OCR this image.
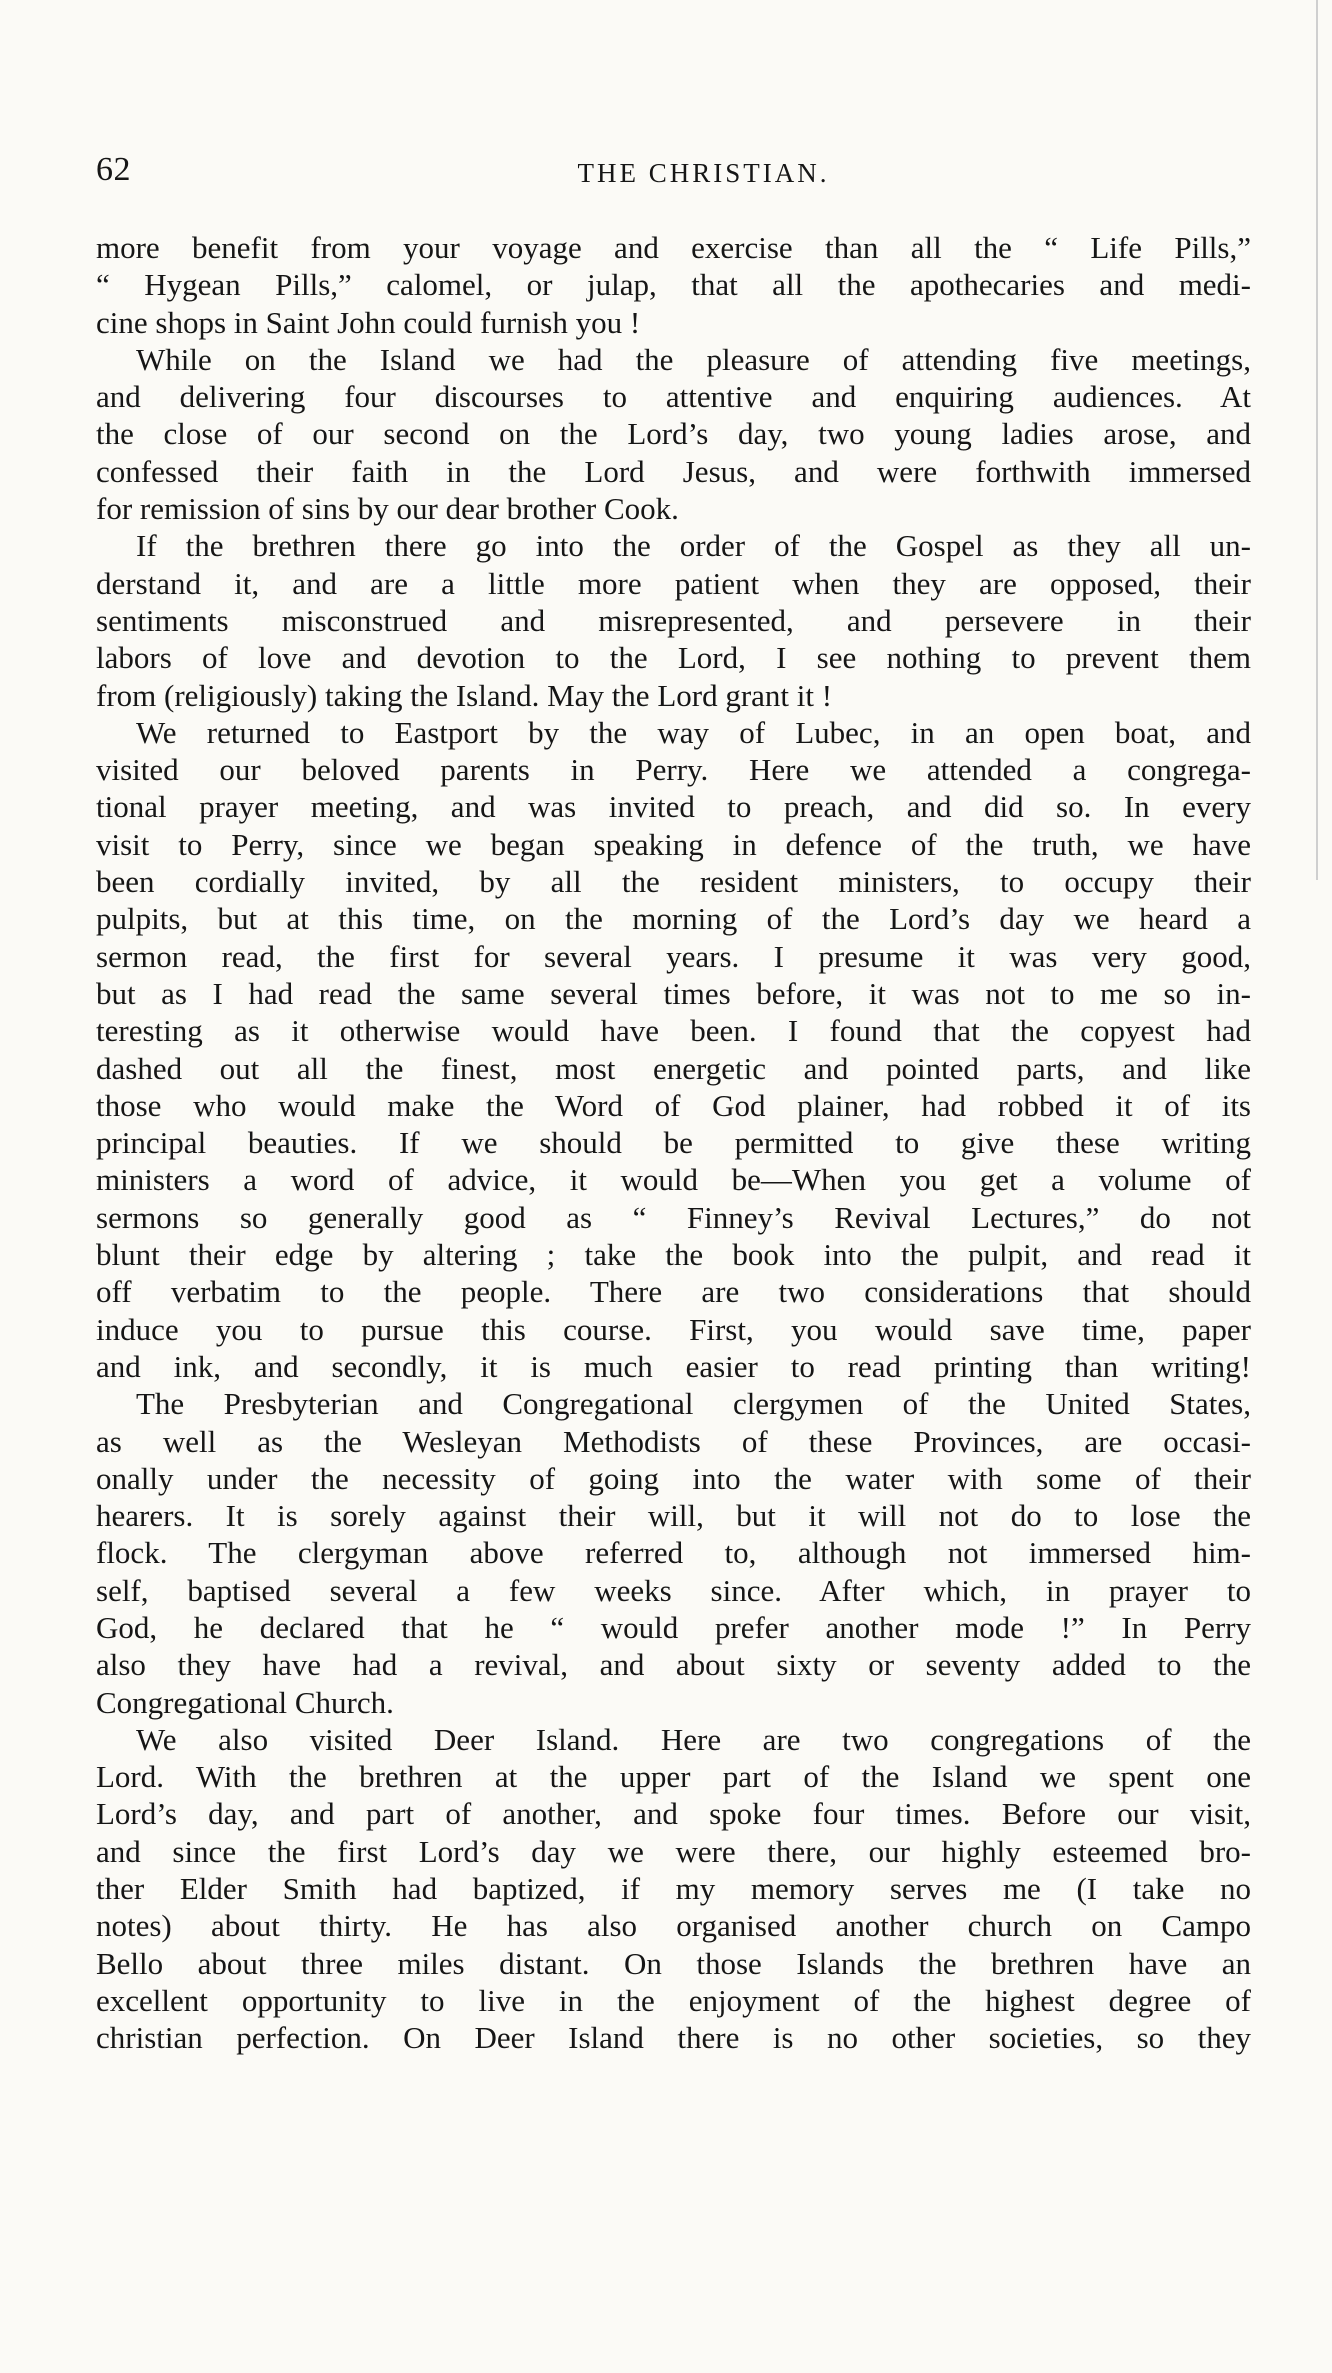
62	THE CHRISTIAN.
more benefit from your voyage and exercise than all the “ Life Pills,”
“ Hygean Pills,” calomel, or julap, that all the apothecaries and medi-
cine shops in Saint John could furnish you !
While on the Island we had the pleasure of attending five meetings,
and delivering four discourses to attentive and enquiring audiences. At
the close of our second on the Lord’s day, two young ladies arose, and
confessed their faith in the Lord Jesus, and were forthwith immersed
for remission of sins by our dear brother Cook.
If the brethren there go into the order of the Gospel as they all un-
derstand it, and are a little more patient when they are opposed, their
sentiments misconstrued and misrepresented, and persevere in their
labors of love and devotion to the Lord, I see nothing to prevent them
from (religiously) taking the Island. May the Lord grant it !
We returned to Eastport by the way of Lubec, in an open boat, and
visited our beloved parents in Perry. Here we attended a congrega-
tional prayer meeting, and was invited to preach, and did so. In every
visit to Perry, since we began speaking in defence of the truth, we have
been cordially invited, by all the resident ministers, to occupy their
pulpits, but at this time, on the morning of the Lord’s day we heard a
sermon read, the first for several years. I presume it was very good,
but as I had read the same several times before, it was not to me so in-
teresting as it otherwise would have been. I found that the copyest had
dashed out all the finest, most energetic and pointed parts, and like
those who would make the Word of God plainer, had robbed it of its
principal beauties. If we should be permitted to give these writing
ministers a word of advice, it would be—When you get a volume of
sermons so generally good as “ Finney’s Revival Lectures,” do not
blunt their edge by altering ; take the book into the pulpit, and read it
off verbatim to the people. There are two considerations that should
induce you to pursue this course. First, you would save time, paper
and ink, and secondly, it is much easier to read printing than writing!
The Presbyterian and Congregational clergymen of the United States,
as well as the Wesleyan Methodists of these Provinces, are occasi-
onally under the necessity of going into the water with some of their
hearers. It is sorely against their will, but it will not do to lose the
flock. The clergyman above referred to, although not immersed him-
self, baptised several a few weeks since. After which, in prayer to
God, he declared that he “ would prefer another mode !” In Perry
also they have had a revival, and about sixty or seventy added to the
Congregational Church.
We also visited Deer Island. Here are two congregations of the
Lord. With the brethren at the upper part of the Island we spent one
Lord’s day, and part of another, and spoke four times. Before our visit,
and since the first Lord’s day we were there, our highly esteemed bro-
ther Elder Smith had baptized, if my memory serves me (I take no
notes) about thirty. He has also organised another church on Campo
Bello about three miles distant. On those Islands the brethren have an
excellent opportunity to live in the enjoyment of the highest degree of
christian perfection. On Deer Island there is no other societies, so they
